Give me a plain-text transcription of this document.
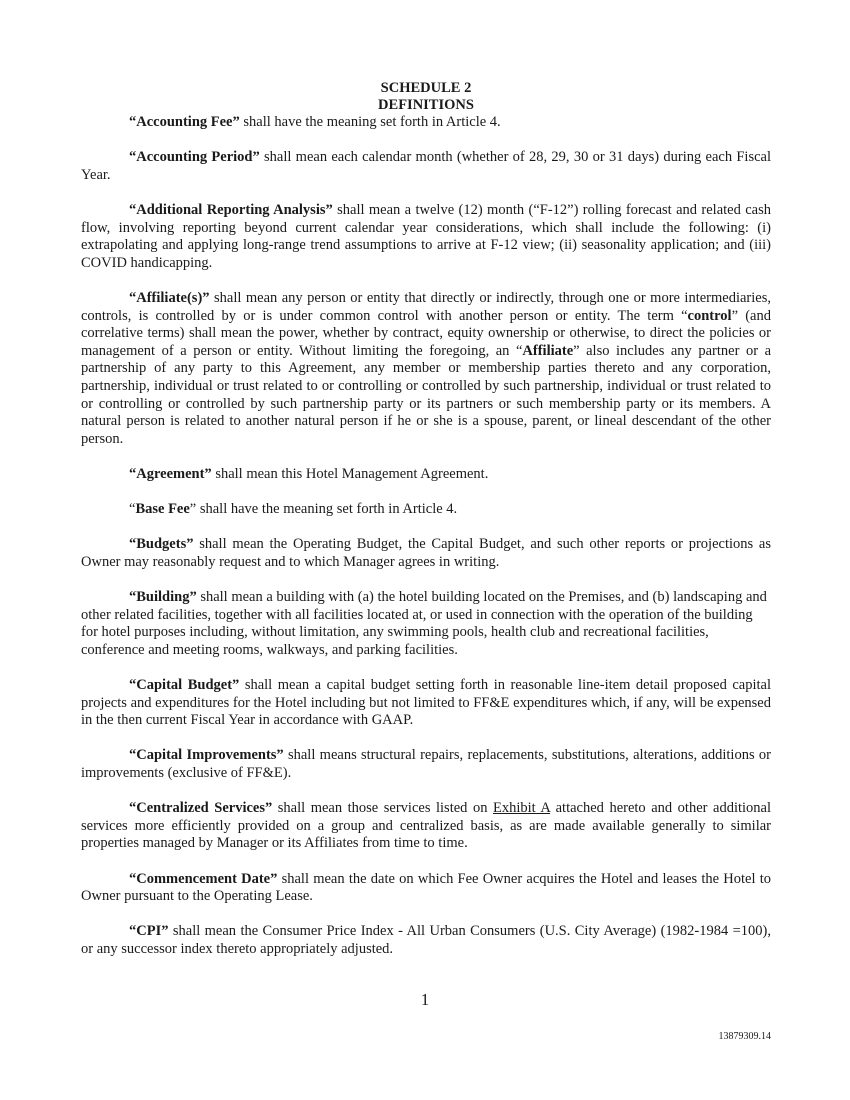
SCHEDULE 2
DEFINITIONS

“Accounting Fee” shall have the meaning set forth in Article 4.

“Accounting Period” shall mean each calendar month (whether of 28, 29, 30 or 31 days) during each Fiscal Year.

“Additional Reporting Analysis” shall mean a twelve (12) month (“F-12”) rolling forecast and related cash flow, involving reporting beyond current calendar year considerations, which shall include the following: (i) extrapolating and applying long-range trend assumptions to arrive at F-12 view; (ii) seasonality application; and (iii) COVID handicapping.

“Affiliate(s)” shall mean any person or entity that directly or indirectly, through one or more intermediaries, controls, is controlled by or is under common control with another person or entity. The term “control” (and correlative terms) shall mean the power, whether by contract, equity ownership or otherwise, to direct the policies or management of a person or entity. Without limiting the foregoing, an “Affiliate” also includes any partner or a partnership of any party to this Agreement, any member or membership parties thereto and any corporation, partnership, individual or trust related to or controlling or controlled by such partnership, individual or trust related to or controlling or controlled by such partnership party or its partners or such membership party or its members. A natural person is related to another natural person if he or she is a spouse, parent, or lineal descendant of the other person.

“Agreement” shall mean this Hotel Management Agreement.

“Base Fee” shall have the meaning set forth in Article 4.

“Budgets” shall mean the Operating Budget, the Capital Budget, and such other reports or projections as Owner may reasonably request and to which Manager agrees in writing.

“Building” shall mean a building with (a) the hotel building located on the Premises, and (b) landscaping and other related facilities, together with all facilities located at, or used in connection with the operation of the building for hotel purposes including, without limitation, any swimming pools, health club and recreational facilities, conference and meeting rooms, walkways, and parking facilities.

“Capital Budget” shall mean a capital budget setting forth in reasonable line-item detail proposed capital projects and expenditures for the Hotel including but not limited to FF&E expenditures which, if any, will be expensed in the then current Fiscal Year in accordance with GAAP.

“Capital Improvements” shall means structural repairs, replacements, substitutions, alterations, additions or improvements (exclusive of FF&E).

“Centralized Services” shall mean those services listed on Exhibit A attached hereto and other additional services more efficiently provided on a group and centralized basis, as are made available generally to similar properties managed by Manager or its Affiliates from time to time.

“Commencement Date” shall mean the date on which Fee Owner acquires the Hotel and leases the Hotel to Owner pursuant to the Operating Lease.

“CPI” shall mean the Consumer Price Index - All Urban Consumers (U.S. City Average) (1982-1984 =100), or any successor index thereto appropriately adjusted.

1
13879309.14
